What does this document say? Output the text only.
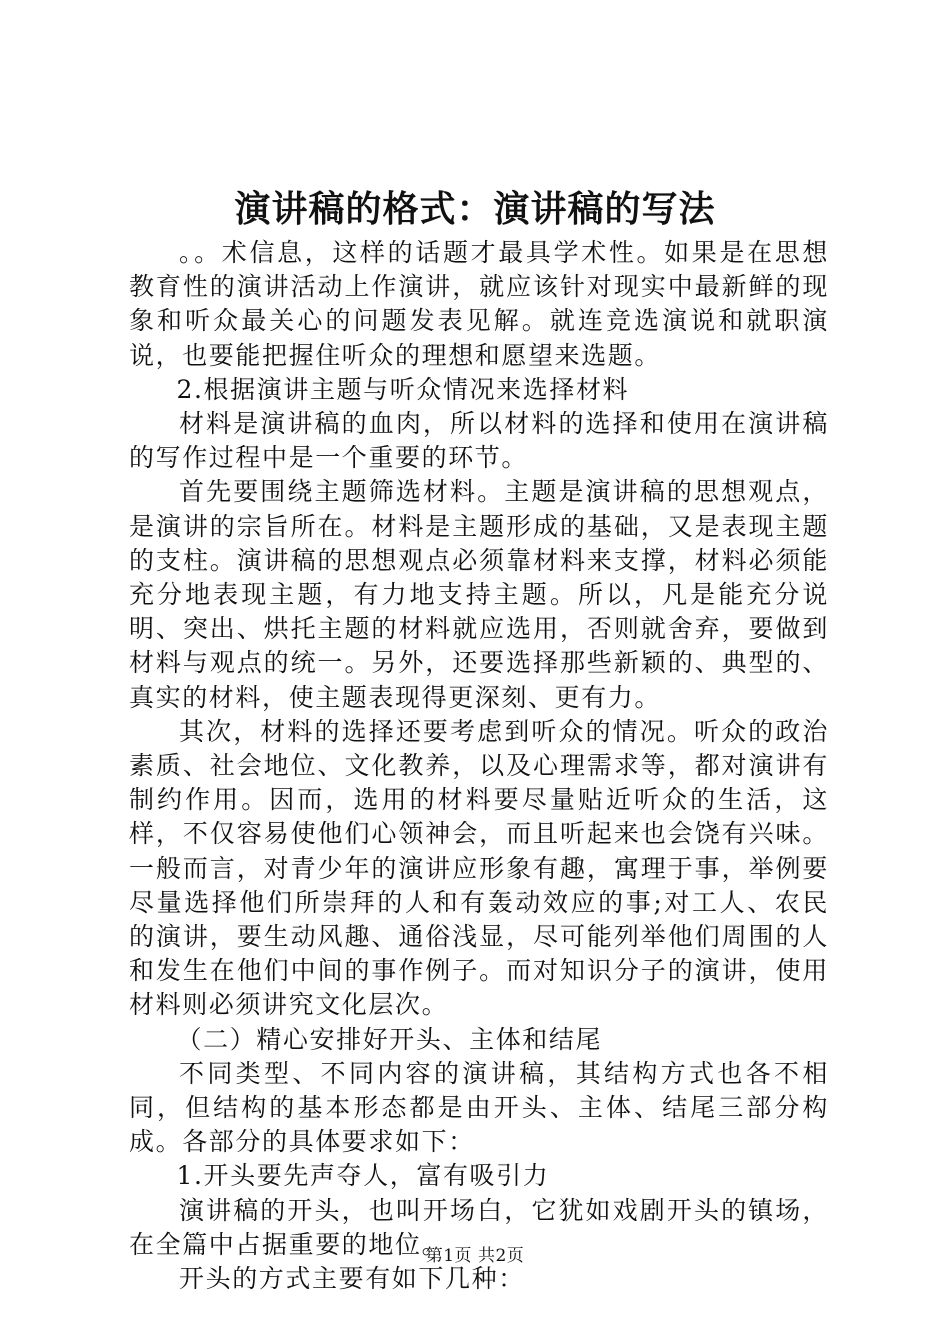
演讲稿的格式：演讲稿的写法

。。术信息，这样的话题才最具学术性。如果是在思想教育性的演讲活动上作演讲，就应该针对现实中最新鲜的现象和听众最关心的问题发表见解。就连竞选演说和就职演说，也要能把握住听众的理想和愿望来选题。

2.根据演讲主题与听众情况来选择材料

材料是演讲稿的血肉，所以材料的选择和使用在演讲稿的写作过程中是一个重要的环节。

首先要围绕主题筛选材料。主题是演讲稿的思想观点，是演讲的宗旨所在。材料是主题形成的基础，又是表现主题的支柱。演讲稿的思想观点必须靠材料来支撑，材料必须能充分地表现主题，有力地支持主题。所以，凡是能充分说明、突出、烘托主题的材料就应选用，否则就舍弃，要做到材料与观点的统一。另外，还要选择那些新颖的、典型的、真实的材料，使主题表现得更深刻、更有力。

其次，材料的选择还要考虑到听众的情况。听众的政治素质、社会地位、文化教养，以及心理需求等，都对演讲有制约作用。因而，选用的材料要尽量贴近听众的生活，这样，不仅容易使他们心领神会，而且听起来也会饶有兴味。一般而言，对青少年的演讲应形象有趣，寓理于事，举例要尽量选择他们所崇拜的人和有轰动效应的事;对工人、农民的演讲，要生动风趣、通俗浅显，尽可能列举他们周围的人和发生在他们中间的事作例子。而对知识分子的演讲，使用材料则必须讲究文化层次。

（二）精心安排好开头、主体和结尾

不同类型、不同内容的演讲稿，其结构方式也各不相同，但结构的基本形态都是由开头、主体、结尾三部分构成。各部分的具体要求如下：

1.开头要先声夺人，富有吸引力

演讲稿的开头，也叫开场白，它犹如戏剧开头的镇场，在全篇中占据重要的地位。

开头的方式主要有如下几种：

第1页 共2页
